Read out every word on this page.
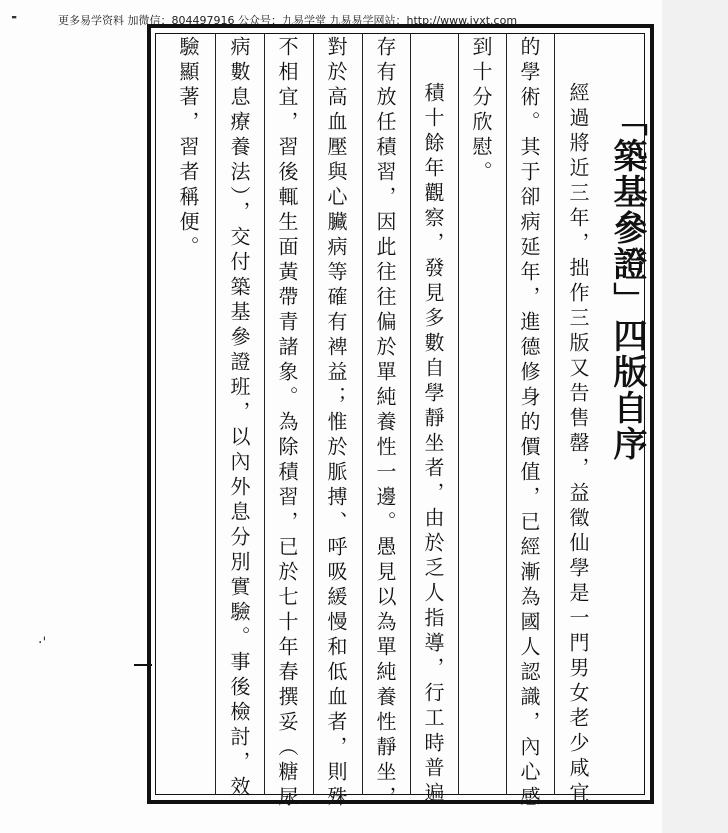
╸
·'
更多易学资料 加微信：804497916 公众号：九易学堂 九易易学网站：http://www.jyxt.com
「築基參證」四版自序
經過將近三年，拙作三版又告售罄，益徵仙學是一門男女老少咸宜
的學術。其于卻病延年，進德修身的價值，已經漸為國人認識，內心感
到十分欣慰。
積十餘年觀察，發見多數自學靜坐者，由於乏人指導，行工時普遍
存有放任積習，因此往往偏於單純養性一邊。愚見以為單純養性靜坐，
對於高血壓與心臟病等確有裨益；惟於脈搏、呼吸緩慢和低血者，則殊
不相宜，習後輒生面黃帶青諸象。為除積習，已於七十年春撰妥（糖尿
病數息療養法），交付築基參證班，以內外息分別實驗。事後檢討，效
驗顯著，習者稱便。
